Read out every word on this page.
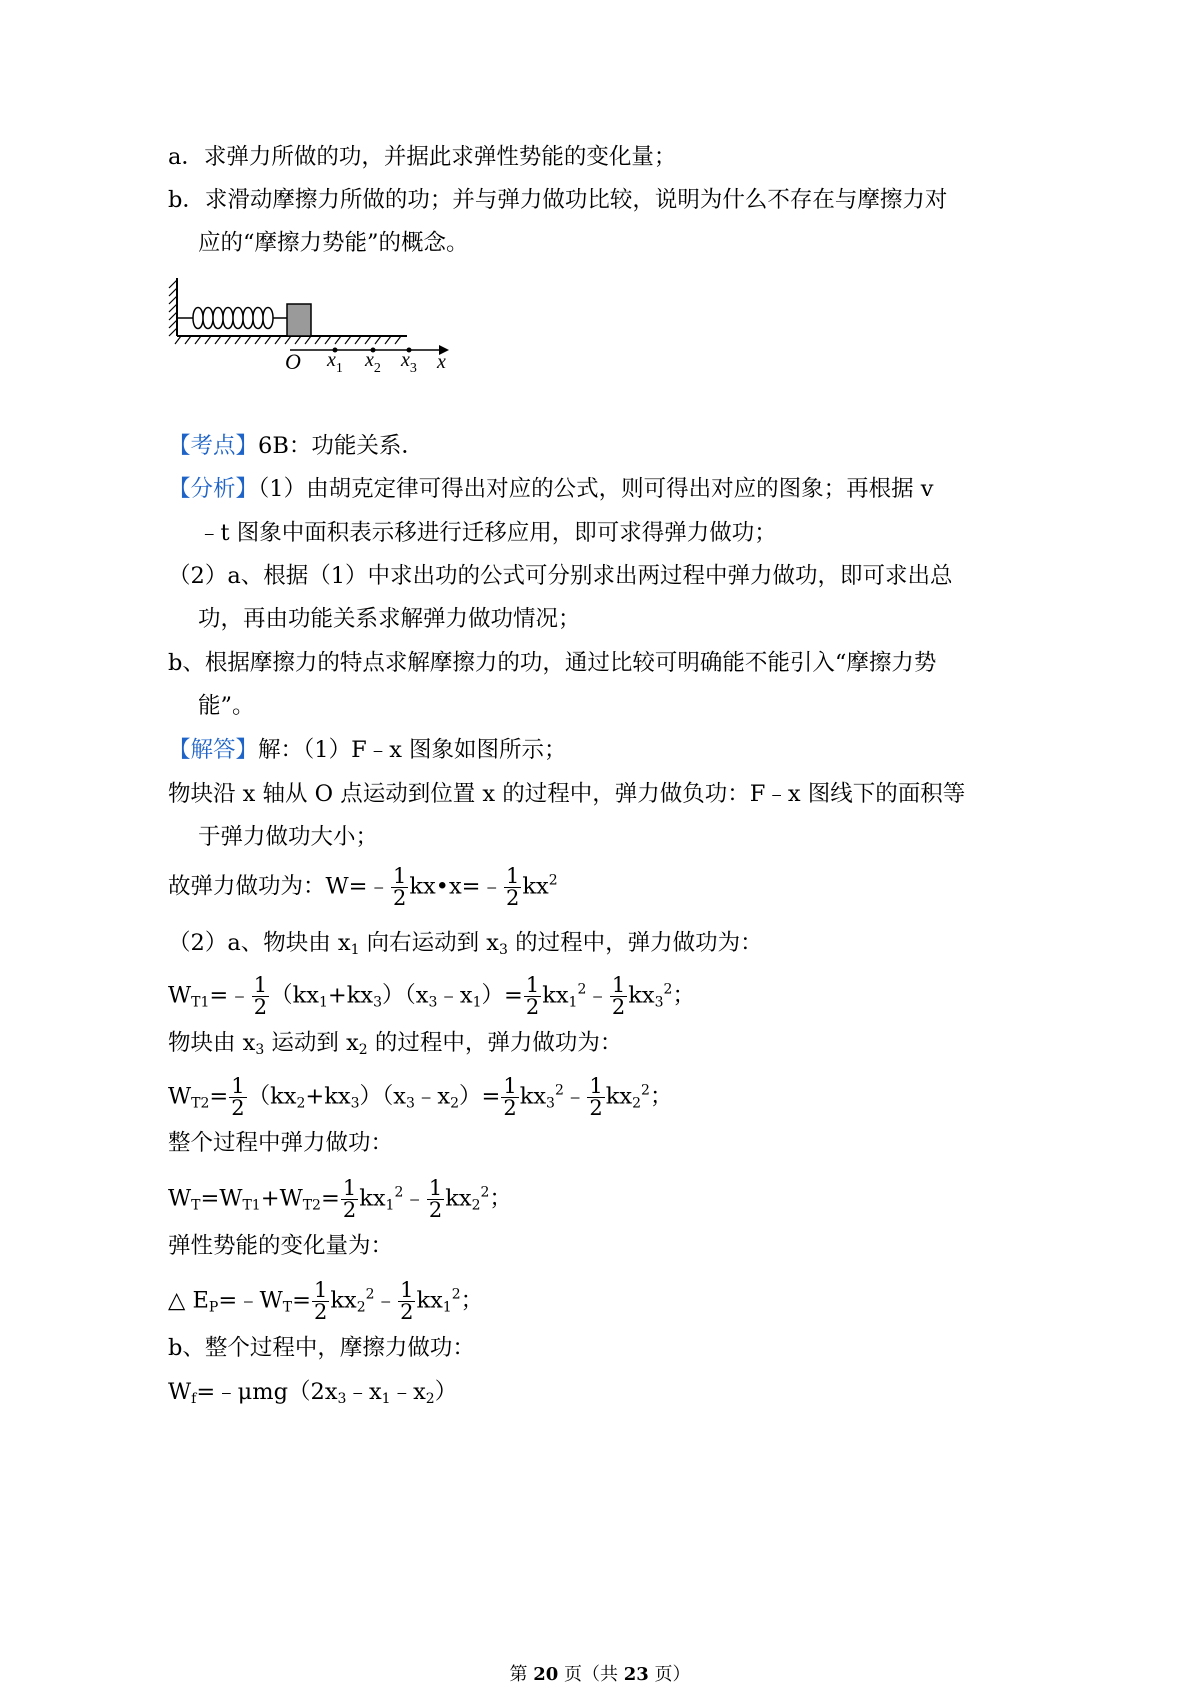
a．求弹力所做的功，并据此求弹性势能的变化量；
b．求滑动摩擦力所做的功；并与弹力做功比较，说明为什么不存在与摩擦力对
应的“摩擦力势能”的概念。
O $x_1$ $x_2$ $x_3$ x
【考点】6B：功能关系．
【分析】（1）由胡克定律可得出对应的公式，则可得出对应的图象；再根据 v
﹣t 图象中面积表示移进行迁移应用，即可求得弹力做功；
（2）a、根据（1）中求出功的公式可分别求出两过程中弹力做功，即可求出总
功，再由功能关系求解弹力做功情况；
b、根据摩擦力的特点求解摩擦力的功，通过比较可明确能不能引入“摩擦力势
能”。
【解答】解：（1）F﹣x 图象如图所示；
物块沿 x 轴从 O 点运动到位置 x 的过程中，弹力做负功：F﹣x 图线下的面积等
于弹力做功大小；
故弹力做功为：W=﹣ $\frac{1}{2}$ kx•x=﹣ $\frac{1}{2} kx^2$
（2）a、物块由 $x_1$ 向右运动到 $x_3$ 的过程中，弹力做功为：
$W_{T1}=﹣ \frac{1}{2}$ $(kx_1+kx_3)(x_3﹣x_1)= \frac{1}{2}$ $kx_1^2﹣ \frac{1}{2} kx_3^2$；
物块由 $x_3$ 运动到 $x_2$ 的过程中，弹力做功为：
$W_{T2}= \frac{1}{2}$ $(kx_2+kx_3)(x_3﹣x_2)= \frac{1}{2}$ $kx_3^2﹣ \frac{1}{2} kx_2^2$；
整个过程中弹力做功：
$W_T=W_{T1}+W_{T2}= \frac{1}{2}$ $kx_1^2﹣ \frac{1}{2} kx_2^2$；
弹性势能的变化量为：
△ $E_P=﹣W_T= \frac{1}{2}$ $kx_2^2﹣ \frac{1}{2} kx_1^2$；
b、整个过程中，摩擦力做功：
$W_f=﹣\mu mg(2x_3﹣x_1﹣x_2)$
第 20 页（共 23 页）
